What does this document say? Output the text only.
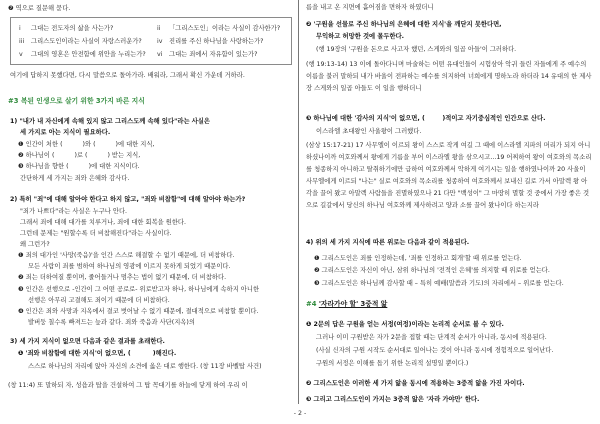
❼ 역으로 질문해 묻다.
i 그대는 전도자의 삶을 사는가?	ii 「그리스도인」이라는 사실이 감사한가?
iii 그리스도인이라는 사실이 자랑스러운가? iv 진리를 주신 하나님을 사랑하는가?
v 그대의 영혼은 안전함에 위안을 누리는가? vi 그대는 죄에서 자유함이 있는가?
여기에 답하지 못했다면, 다시 말씀으로 돌아가라. 배워라, 그래서 확신 가운데 거하라.
#3 복된 인생으로 살기 위한 3가지 바른 지식
1) "내가 내 자신에게 속해 있지 않고 그리스도께 속해 있다"라는 사실은
세 가지로 아는 지식이 필요하다.
❶ 인간이 처한 (          )와 (          )에 대한 지식,
❷ 하나님이 (          )로 (          ) 받는 지식,
❸ 하나님을 향한 (          )에 대한 지식이다.
간단하게 세 가지는 죄와 은혜와 감사다.
2) 특히 "죄"에 대해 알아야 한다고 하지 않고, "죄와 비참함"에 대해 알아야 하는가?
"죄가 나쁘다"라는 사실은 누구나 안다.
그래서 죄에 대해 대가를 치루거나, 죄에 대한 회복을 원한다.
그런데 문제는 "원할수록 더 비참해진다"라는 사실이다.
왜 그런가?
❶ 죄의 대가인 '사망(죽음)'을 인간 스스로 해결할 수 없기 때문에, 더 비참하다.
모든 사람이 죄를 범하여 하나님의 영광에 이르지 못하게 되었기 때문이다.
❷ 죄는 더하여질 뿐이며, 줄어들거나 멈추는 법이 없기 때문에, 더 비참하다.
❸ 인간은 선행으로 -인간이 그 어떤 공로로- 위로받고자 하나, 하나님에게 속하지 아니한
선행은 아무리 고결해도 죄이기 때문에 더 비참하다.
❹ 인간은 죄와 사망과 지옥에서 결코 벗어날 수 없기 때문에, 절대적으로 비참할 뿐이다.
발버둥 칠수록 빠져드는 늪과 같다. 죄와 죽음과 사단(지옥)의
3) 세 가지 지식이 없으면 다음과 같은 결과를 초래한다.
❶ '죄와 비참함에 대한 지식'이 없으면, (          )해진다.
스스로 하나님의 자리에 앉아 자신의 소견에 옳은 대로 행한다. (창 11장 바벨탑 사건)
(창 11:4) 또 말하되 자, 성읍과 탑을 건설하여 그 탑 꼭대기를 하늘에 닿게 하여 우리 이
름을 내고 온 지면에 흩어짐을 면하자 하였더니
❷ '구원을 선물로 주신 하나님의 은혜에 대한 지식'을 깨닫지 못한다면,
무익하고 허망한 것에 몰두한다.
(행 19장의 '구원을 돈으로 사고자 했던, 스게와의 일곱 아들'이 그러하다.
(행 19:13-14) 13 이에 돌아다니며 마술하는 어떤 유대인들이 시험삼아 악귀 들린 자들에게 주 예수의 이름을 불러 말하되 내가 바울이 전파하는 예수를 의지하여 너희에게 명하노라 하더라 14 유대의 한 제사장 스게와의 일곱 아들도 이 일을 행하더니
❸ 하나님에 대한 '감사의 지식'이 없으면, (        )적이고 자기중심적인 인간으로 산다.
이스라엘 초대왕인 사울왕이 그러했다.
(삼상 15:17-21) 17 사무엘이 이르되 왕이 스스로 작게 여길 그 때에 이스라엘 지파의 머리가 되지 아니하셨나이까 여호와께서 왕에게 기름을 부어 이스라엘 왕을 삼으시고...19 어찌하여 왕이 여호와의 목소리를 청종하지 아니하고 탈취하기에만 급하여 여호와께서 악하게 여기시는 일을 행하였나이까 20 사울이 사무엘에게 이르되 "나는" 실로 여호와의 목소리를 청종하여 여호와께서 보내신 길로 가서 아말렉 왕 아각을 끌어 왔고 아말렉 사람들을 진멸하였으나 21 다만 "백성이" 그 마땅히 멸할 것 중에서 가장 좋은 것으로 길갈에서 당신의 하나님 여호와께 제사하려고 양과 소를 끌어 왔나이다 하는지라
4) 위의 세 가지 지식에 따른 위로는 다음과 같이 적용된다.
❶ 그리스도인은 죄를 인정하는데, '죄를 인정하고 회개'할 때 위로를 얻는다.
❷ 그리스도인은 자신이 아닌, 삼위 하나님의 '전적인 은혜'를 의지할 때 위로를 얻는다.
❸ 그리스도인은 하나님께 감사할 때 – 특히 예배(말씀과 기도)의 자리에서 – 위로를 얻는다.
#4 '자라가야 할' 3중적 앎
❶ 2문의 답은 구원을 얻는 서정(여정)이라는 논리적 순서로 볼 수 있다.
그러나 이미 구원받은 자가 2문을 접할 때는 단계적 순서가 아니라, 동시에 적용된다.
(사실 신자의 구원 시작도 순서대로 일어나는 것이 아니라 동시에 경험적으로 일어난다.
구원의 서정은 이해를 돕기 위한 논리적 설명일 뿐이다.)
❷ 그리스도인은 이러한 세 가지 앎을 동시에 적용하는 3중적 앎을 가진 자이다.
❸ 그리고 그리스도인이 가지는 3중적 앎은 '자라 가야만' 한다.
- 2 -
